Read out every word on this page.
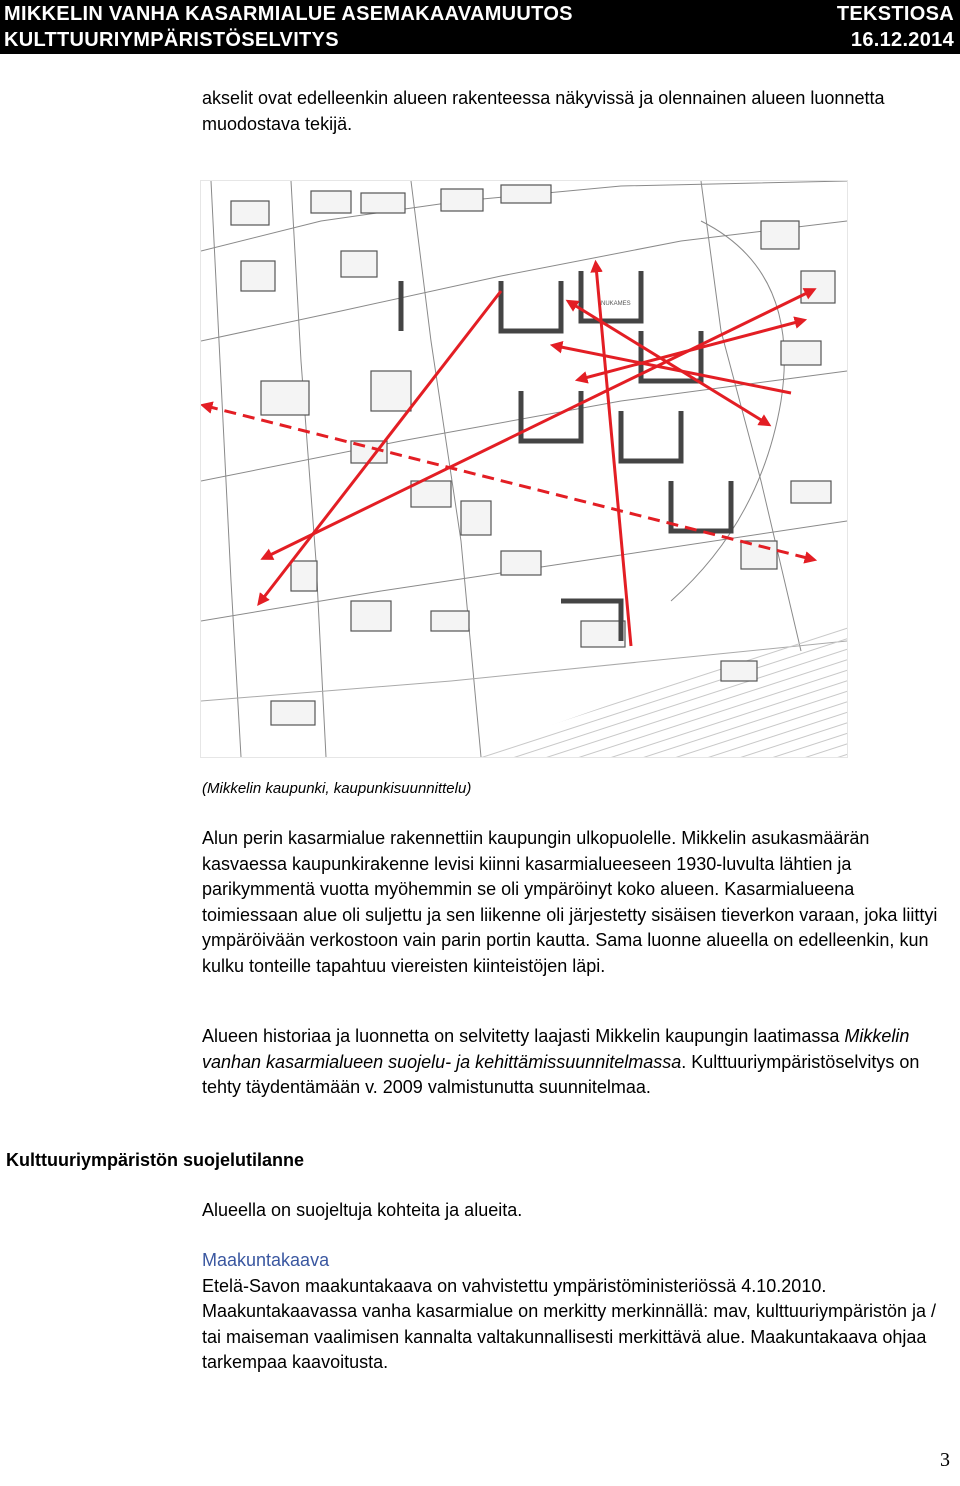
MIKKELIN VANHA KASARMIALUE ASEMAKAAVAMUUTOS
KULTTUURIYMPÄRISTÖSELVITYS
TEKSTIOSA
16.12.2014

akselit ovat edelleenkin alueen rakenteessa näkyvissä ja olennainen alueen luonnetta muodostava tekijä.

NUKAMES
(Mikkelin kaupunki, kaupunkisuunnittelu)

Alun perin kasarmialue rakennettiin kaupungin ulkopuolelle. Mikkelin asukasmäärän kasvaessa kaupunkirakenne levisi kiinni kasarmialueeseen 1930-luvulta lähtien ja parikymmentä vuotta myöhemmin se oli ympäröinyt koko alueen. Kasarmialueena toimiessaan alue oli suljettu ja sen liikenne oli järjestetty sisäisen tieverkon varaan, joka liittyi ympäröivään verkostoon vain parin portin kautta. Sama luonne alueella on edelleenkin, kun kulku tonteille tapahtuu viereisten kiinteistöjen läpi.

Alueen historiaa ja luonnetta on selvitetty laajasti Mikkelin kaupungin laatimassa Mikkelin vanhan kasarmialueen suojelu- ja kehittämissuunnitelmassa. Kulttuuriympäristöselvitys on tehty täydentämään v. 2009 valmistunutta suunnitelmaa.

Kulttuuriympäristön suojelutilanne

Alueella on suojeltuja kohteita ja alueita.

Maakuntakaava
Etelä-Savon maakuntakaava on vahvistettu ympäristöministeriössä 4.10.2010.
Maakuntakaavassa vanha kasarmialue on merkitty merkinnällä: mav, kulttuuriympäristön ja / tai maiseman vaalimisen kannalta valtakunnallisesti merkittävä alue. Maakuntakaava ohjaa tarkempaa kaavoitusta.
3
